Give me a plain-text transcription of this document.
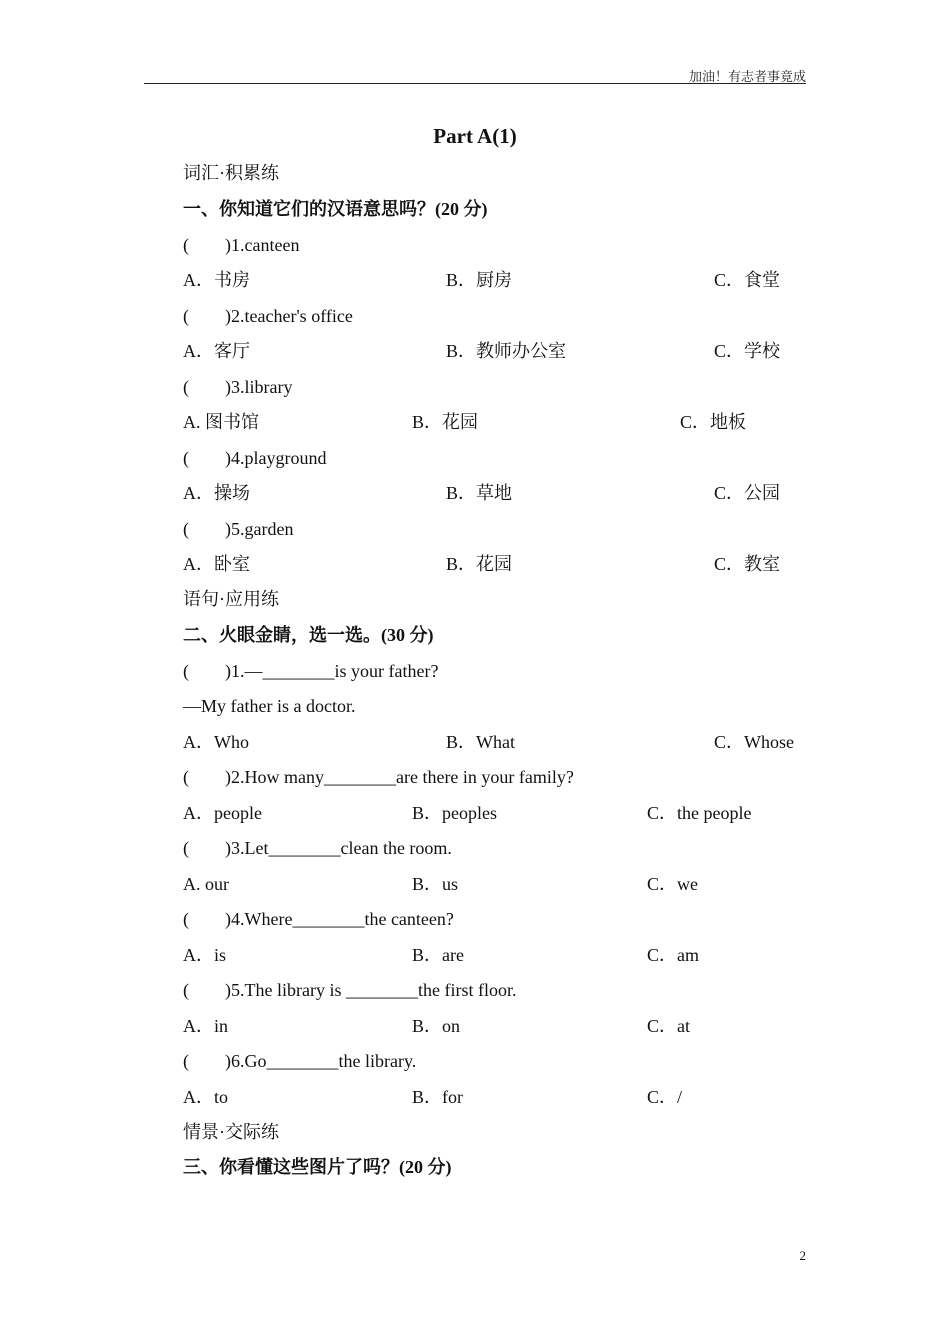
加油！有志者事竟成
Part A(1)
词汇·积累练
一、你知道它们的汉语意思吗？(20 分)
(        )1.canteen
A．书房	B．厨房	C．食堂
(        )2.teacher's office
A．客厅	B．教师办公室	C．学校
(        )3.library
A. 图书馆	B．花园	C．地板
(        )4.playground
A．操场	B．草地	C．公园
(        )5.garden
A．卧室	B．花园	C．教室
语句·应用练
二、火眼金睛，选一选。(30 分)
(        )1.—________is your father?
—My father is a doctor.
A．Who	B．What	C．Whose
(        )2.How many________are there in your family?
A．people	B．peoples	C．the people
(        )3.Let________clean the room.
A. our	B．us	C．we
(        )4.Where________the canteen?
A．is	B．are	C．am
(        )5.The library is ________the first floor.
A．in	B．on	C．at
(        )6.Go________the library.
A．to	B．for	C．/
情景·交际练
三、你看懂这些图片了吗？(20 分)
2
